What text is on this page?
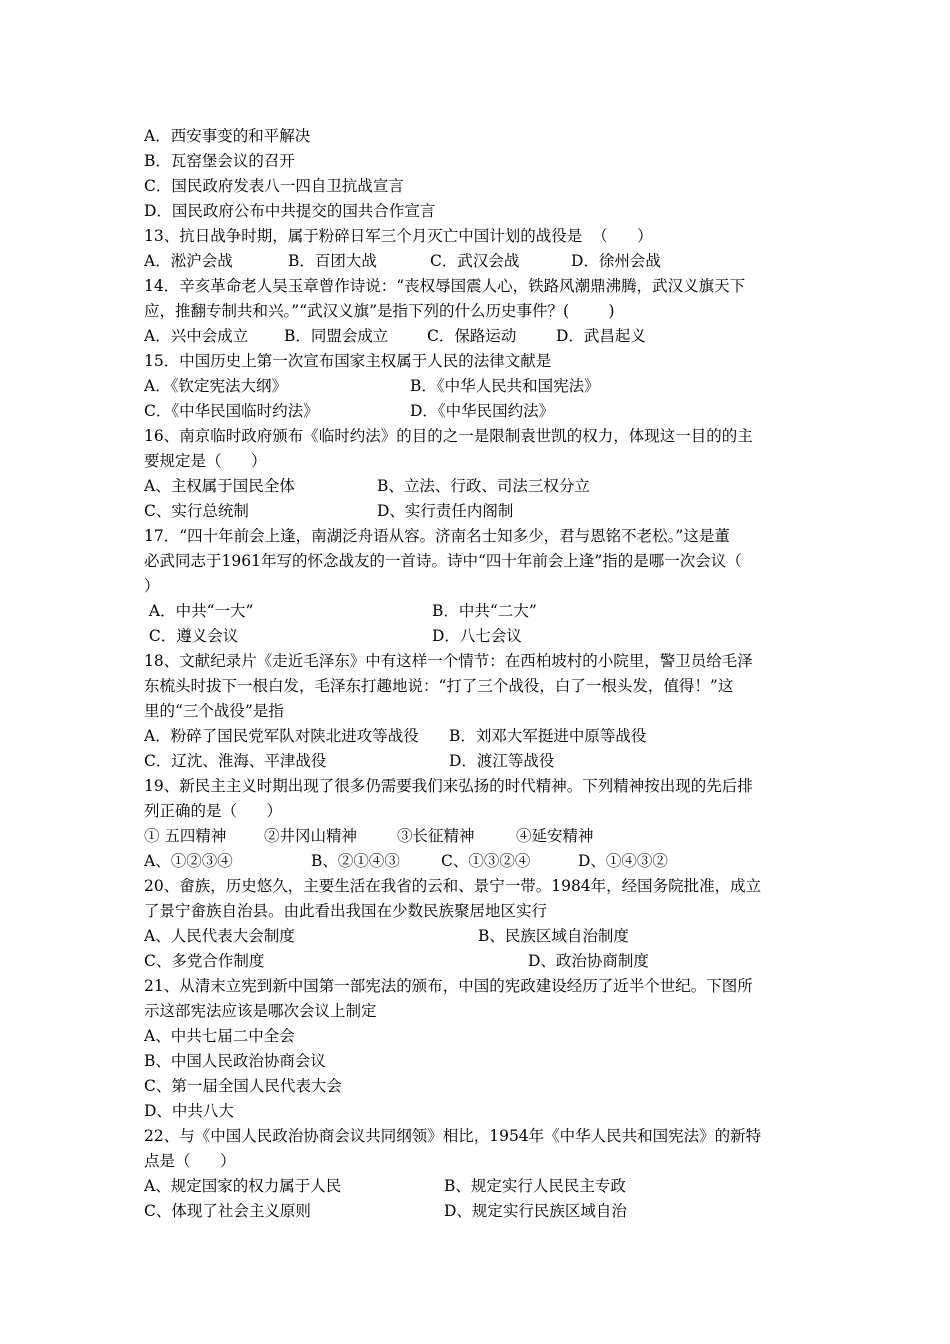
A．西安事变的和平解决
B．瓦窑堡会议的召开
C．国民政府发表八一四自卫抗战宣言
D．国民政府公布中共提交的国共合作宣言
13、抗日战争时期，属于粉碎日军三个月灭亡中国计划的战役是  （      ）
A．淞沪会战	B．百团大战	C．武汉会战	D．徐州会战
14．辛亥革命老人吴玉章曾作诗说：“丧权辱国震人心，铁路风潮鼎沸腾，武汉义旗天下
应，推翻专制共和兴。”“武汉义旗”是指下列的什么历史事件？(        )
A．兴中会成立 B．同盟会成立 C．保路运动	D．武昌起义
15．中国历史上第一次宣布国家主权属于人民的法律文献是
A．《钦定宪法大纲》	B．《中华人民共和国宪法》
C．《中华民国临时约法》	D．《中华民国约法》
16、南京临时政府颁布《临时约法》的目的之一是限制袁世凯的权力，体现这一目的的主
要规定是（      ）
A、主权属于国民全体	B、立法、行政、司法三权分立
C、实行总统制	D、实行责任内阁制
17．“四十年前会上逢，南湖泛舟语从容。济南名士知多少，君与恩铭不老松。”这是董
必武同志于1961年写的怀念战友的一首诗。诗中“四十年前会上逢”指的是哪一次会议（
）
A．中共“一大”	B．中共“二大”
C．遵义会议	D．八七会议
18、文献纪录片《走近毛泽东》中有这样一个情节：在西柏坡村的小院里，警卫员给毛泽
东梳头时拔下一根白发，毛泽东打趣地说：“打了三个战役，白了一根头发，值得！”这
里的“三个战役”是指
A．粉碎了国民党军队对陕北进攻等战役 B．刘邓大军挺进中原等战役
C．辽沈、淮海、平津战役	D．渡江等战役
19、新民主主义时期出现了很多仍需要我们来弘扬的时代精神。下列精神按出现的先后排
列正确的是（      ）
① 五四精神 ②井冈山精神	③长征精神	④延安精神
A、①②③④	B、②①④③	C、①③②④	D、①④③②
20、畲族，历史悠久，主要生活在我省的云和、景宁一带。1984年，经国务院批准，成立
了景宁畲族自治县。由此看出我国在少数民族聚居地区实行
A、人民代表大会制度	B、民族区域自治制度
C、多党合作制度	D、政治协商制度
21、从清末立宪到新中国第一部宪法的颁布，中国的宪政建设经历了近半个世纪。下图所
示这部宪法应该是哪次会议上制定
A、中共七届二中全会
B、中国人民政治协商会议
C、第一届全国人民代表大会
D、中共八大
22、与《中国人民政治协商会议共同纲领》相比，1954年《中华人民共和国宪法》的新特
点是（      ）
A、规定国家的权力属于人民	B、规定实行人民民主专政
C、体现了社会主义原则	D、规定实行民族区域自治
